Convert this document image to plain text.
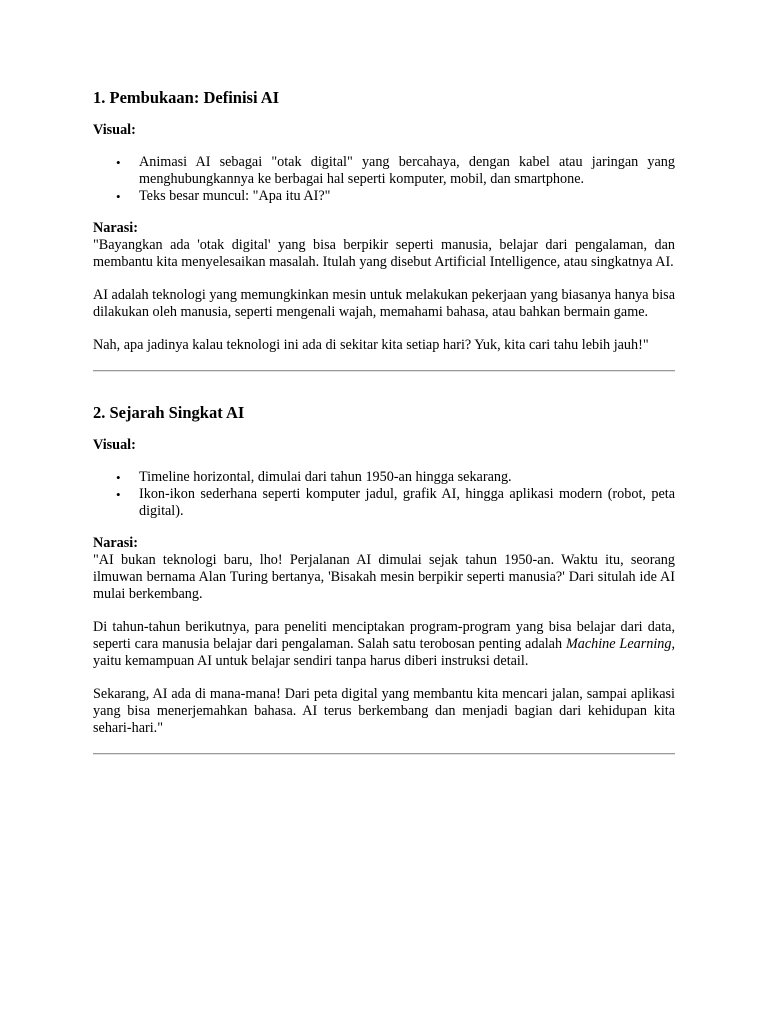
1. Pembukaan: Definisi AI
Visual:
• Animasi AI sebagai "otak digital" yang bercahaya, dengan kabel atau jaringan yang menghubungkannya ke berbagai hal seperti komputer, mobil, dan smartphone.
• Teks besar muncul: "Apa itu AI?"
Narasi:

"Bayangkan ada 'otak digital' yang bisa berpikir seperti manusia, belajar dari pengalaman, dan membantu kita menyelesaikan masalah. Itulah yang disebut Artificial Intelligence, atau singkatnya AI.

AI adalah teknologi yang memungkinkan mesin untuk melakukan pekerjaan yang biasanya hanya bisa dilakukan oleh manusia, seperti mengenali wajah, memahami bahasa, atau bahkan bermain game.

Nah, apa jadinya kalau teknologi ini ada di sekitar kita setiap hari? Yuk, kita cari tahu lebih jauh!"

2. Sejarah Singkat AI
Visual:
• Timeline horizontal, dimulai dari tahun 1950-an hingga sekarang.
• Ikon-ikon sederhana seperti komputer jadul, grafik AI, hingga aplikasi modern (robot, peta digital).
Narasi:

"AI bukan teknologi baru, lho! Perjalanan AI dimulai sejak tahun 1950-an. Waktu itu, seorang ilmuwan bernama Alan Turing bertanya, 'Bisakah mesin berpikir seperti manusia?' Dari situlah ide AI mulai berkembang.

Di tahun-tahun berikutnya, para peneliti menciptakan program-program yang bisa belajar dari data, seperti cara manusia belajar dari pengalaman. Salah satu terobosan penting adalah Machine Learning, yaitu kemampuan AI untuk belajar sendiri tanpa harus diberi instruksi detail.

Sekarang, AI ada di mana-mana! Dari peta digital yang membantu kita mencari jalan, sampai aplikasi yang bisa menerjemahkan bahasa. AI terus berkembang dan menjadi bagian dari kehidupan kita sehari-hari."
